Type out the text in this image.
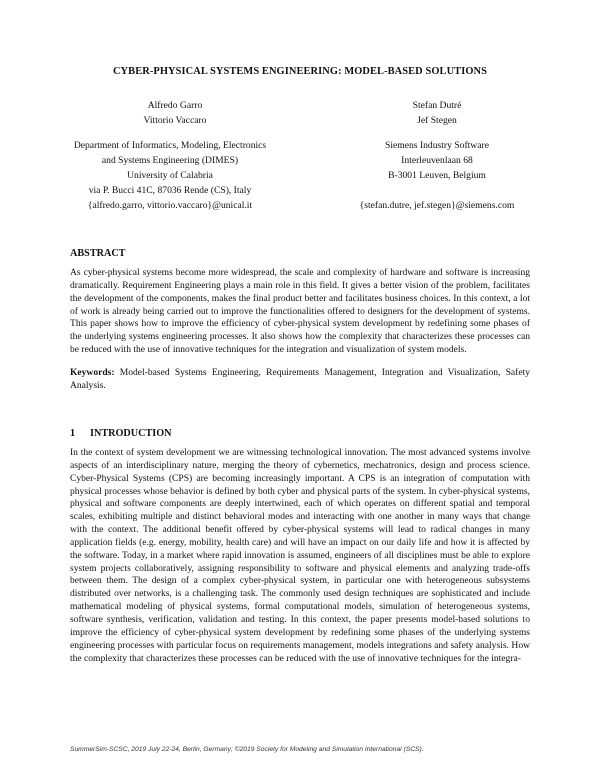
CYBER-PHYSICAL SYSTEMS ENGINEERING: MODEL-BASED SOLUTIONS
Alfredo Garro
Vittorio Vaccaro
Stefan Dutré
Jef Stegen
Department of Informatics, Modeling, Electronics
and Systems Engineering (DIMES)
University of Calabria
via P. Bucci 41C, 87036 Rende (CS), Italy
{alfredo.garro, vittorio.vaccaro}@unical.it
Siemens Industry Software
Interleuvenlaan 68
B-3001 Leuven, Belgium
{stefan.dutre, jef.stegen}@siemens.com

ABSTRACT

As cyber-physical systems become more widespread, the scale and complexity of hardware and software is increasing dramatically. Requirement Engineering plays a main role in this field. It gives a better vision of the problem, facilitates the development of the components, makes the final product better and facilitates business choices. In this context, a lot of work is already being carried out to improve the functionalities offered to designers for the development of systems. This paper shows how to improve the efficiency of cyber-physical system development by redefining some phases of the underlying systems engineering processes. It also shows how the complexity that characterizes these processes can be reduced with the use of innovative techniques for the integration and visualization of system models.

Keywords: Model-based Systems Engineering, Requirements Management, Integration and Visualization, Safety Analysis.

1 INTRODUCTION

In the context of system development we are witnessing technological innovation. The most advanced systems involve aspects of an interdisciplinary nature, merging the theory of cybernetics, mechatronics, design and process science. Cyber-Physical Systems (CPS) are becoming increasingly important. A CPS is an integration of computation with physical processes whose behavior is defined by both cyber and physical parts of the system. In cyber-physical systems, physical and software components are deeply intertwined, each of which operates on different spatial and temporal scales, exhibiting multiple and distinct behavioral modes and interacting with one another in many ways that change with the context. The additional benefit offered by cyber-physical systems will lead to radical changes in many application fields (e.g. energy, mobility, health care) and will have an impact on our daily life and how it is affected by the software. Today, in a market where rapid innovation is assumed, engineers of all disciplines must be able to explore system projects collaboratively, assigning responsibility to software and physical elements and analyzing trade-offs between them. The design of a complex cyber-physical system, in particular one with heterogeneous subsystems distributed over networks, is a challenging task. The commonly used design techniques are sophisticated and include mathematical modeling of physical systems, formal computational models, simulation of heterogeneous systems, software synthesis, verification, validation and testing. In this context, the paper presents model-based solutions to improve the efficiency of cyber-physical system development by redefining some phases of the underlying systems engineering processes with particular focus on requirements management, models integrations and safety analysis. How the complexity that characterizes these processes can be reduced with the use of innovative techniques for the integra-

SummerSim-SCSC, 2019 July 22-24, Berlin, Germany; ©2019 Society for Modeling and Simulation International (SCS).
